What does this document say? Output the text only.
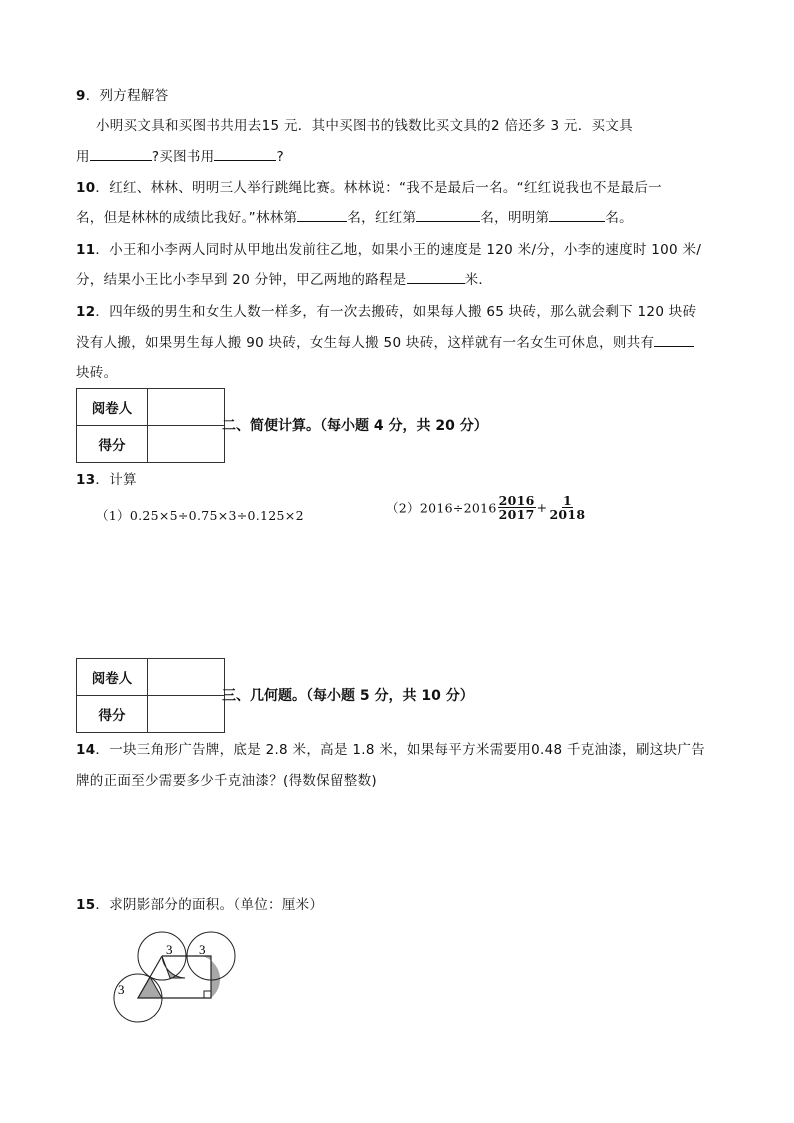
9．列方程解答
小明买文具和买图书共用去15 元．其中买图书的钱数比买文具的2 倍还多 3 元．买文具
用	?买图书用	?
10．红红、林林、明明三人举行跳绳比赛。林林说：“我不是最后一名。“红红说我也不是最后一
名，但是林林的成绩比我好。”林林第	名，红红第	名，明明第	名。
11．小王和小李两人同时从甲地出发前往乙地，如果小王的速度是 120 米/分，小李的速度时 100 米/
分，结果小王比小李早到 20 分钟，甲乙两地的路程是	米．
12．四年级的男生和女生人数一样多，有一次去搬砖，如果每人搬 65 块砖，那么就会剩下 120 块砖
没有人搬，如果男生每人搬 90 块砖，女生每人搬 50 块砖，这样就有一名女生可休息，则共有
块砖。
阅卷人	
得分	
二、简便计算。（每小题 4 分，共 20 分）
13．计算
（1）0.25×5÷0.75×3÷0.125×2	$(2)2016\div 2016 \frac{2016}{2017} + \frac{1}{2018}$
阅卷人	
得分	
三、几何题。（每小题 5 分，共 10 分）
14．一块三角形广告牌，底是 2.8 米，高是 1.8 米，如果每平方米需要用0.48 千克油漆，刷这块广告
牌的正面至少需要多少千克油漆？(得数保留整数)
15．求阴影部分的面积。（单位：厘米）
3 3
3
